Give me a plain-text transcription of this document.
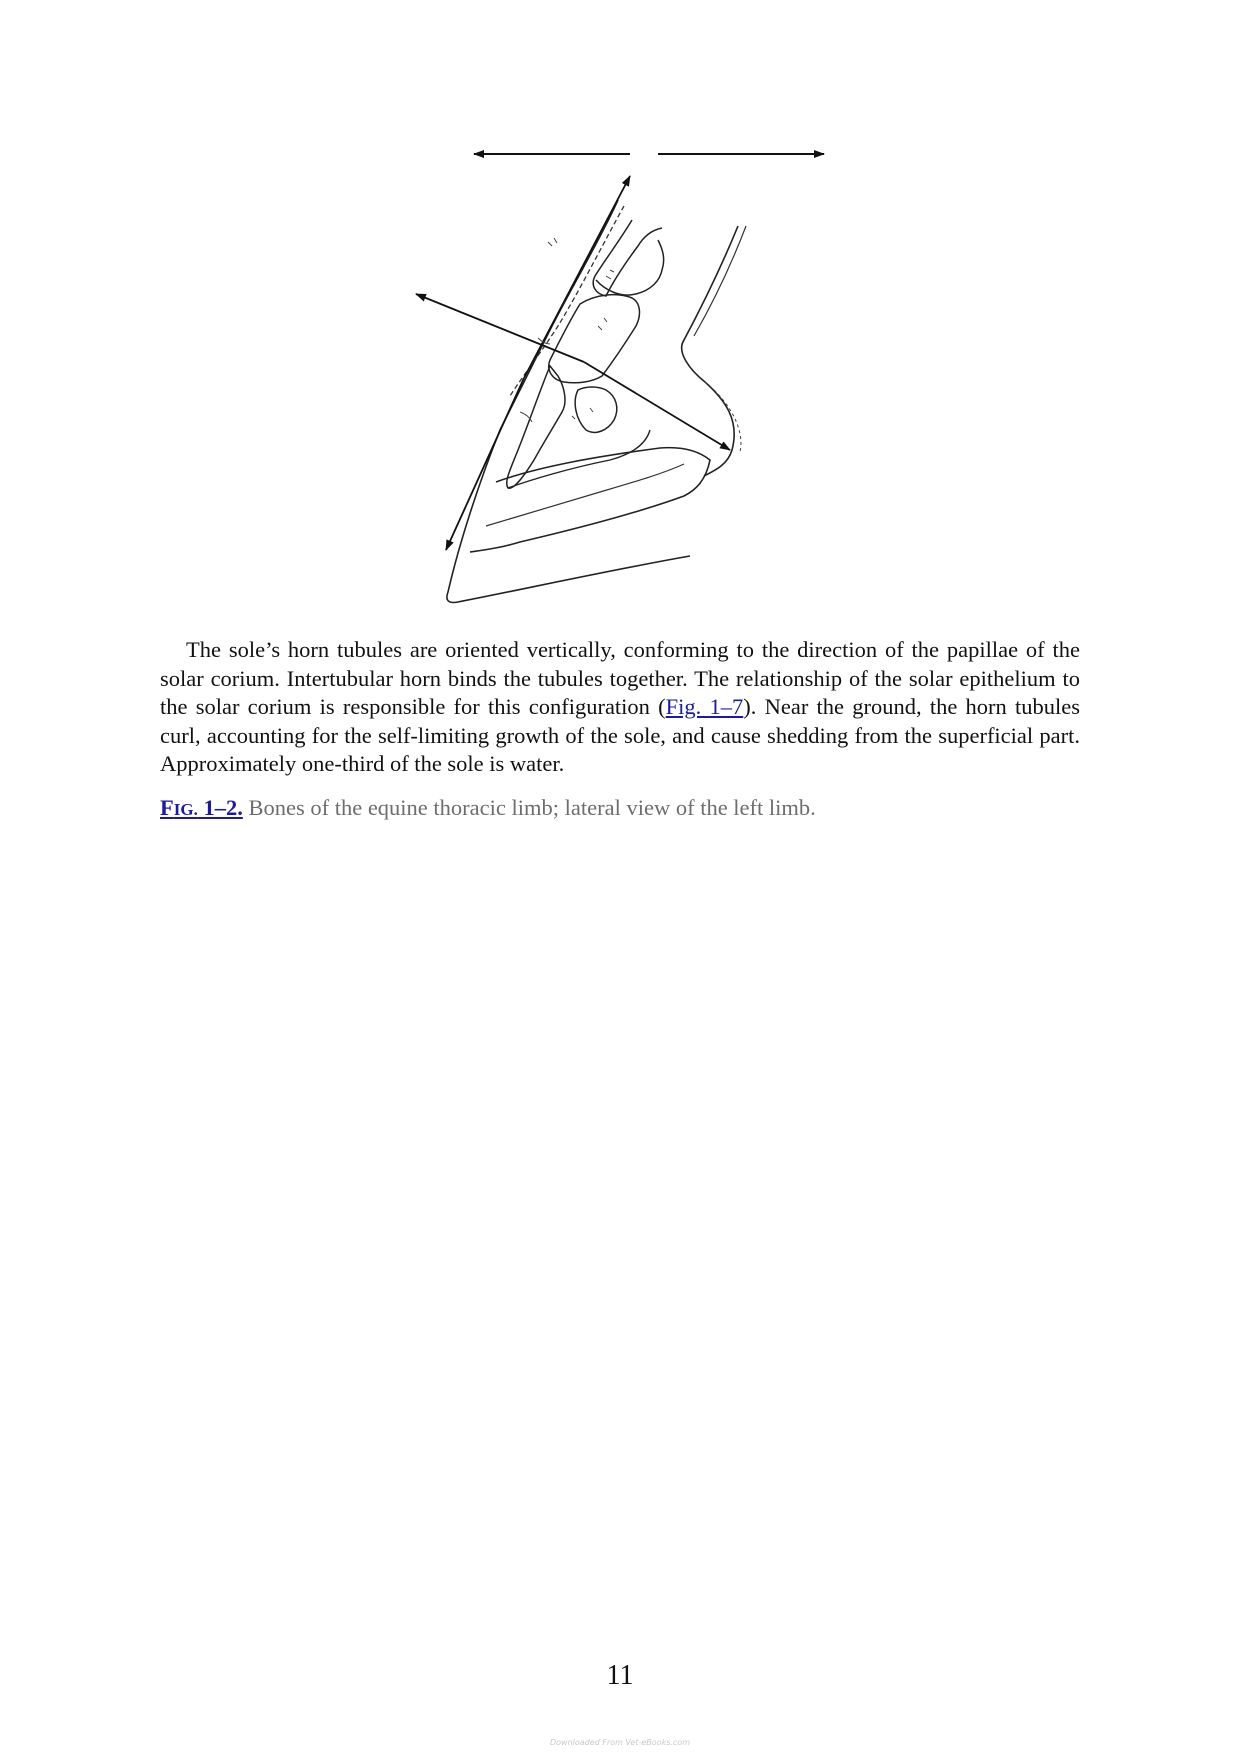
The sole’s horn tubules are oriented vertically, conforming to the direction of the papillae of the solar corium. Intertubular horn binds the tubules together. The relationship of the solar epithelium to the solar corium is responsible for this configuration (Fig. 1–7). Near the ground, the horn tubules curl, accounting for the self-limiting growth of the sole, and cause shedding from the superficial part. Approximately one-third of the sole is water.

FIG. 1–2. Bones of the equine thoracic limb; lateral view of the left limb.

11
Downloaded From Vet-eBooks.com
